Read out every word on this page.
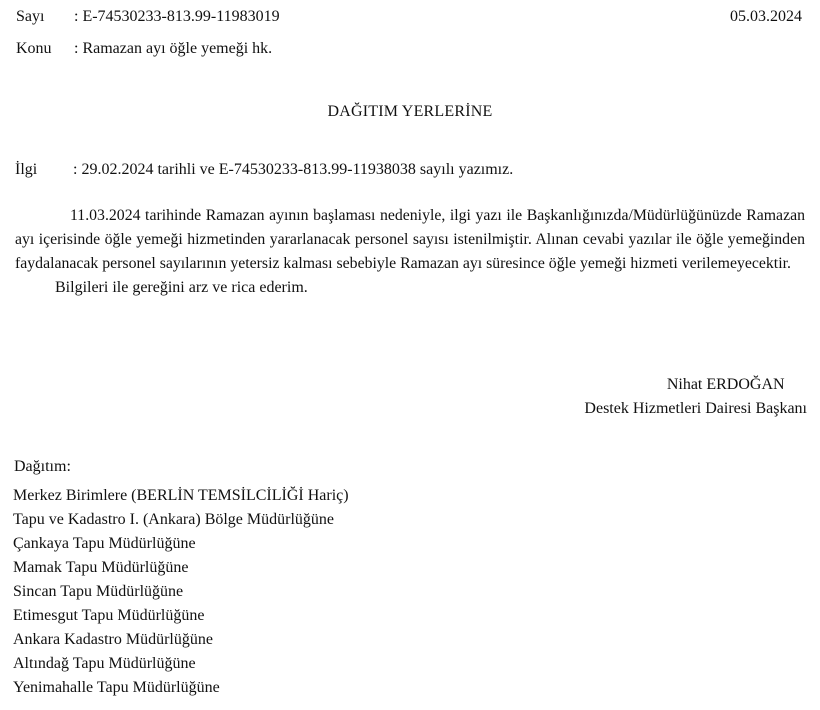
Sayı : E-74530233-813.99-11983019	05.03.2024
Konu : Ramazan ayı öğle yemeği hk.
DAĞITIM YERLERİNE
İlgi : 29.02.2024 tarihli ve E-74530233-813.99-11938038 sayılı yazımız.

11.03.2024 tarihinde Ramazan ayının başlaması nedeniyle, ilgi yazı ile Başkanlığınızda/Müdürlüğünüzde Ramazan ayı içerisinde öğle yemeği hizmetinden yararlanacak personel sayısı istenilmiştir. Alınan cevabi yazılar ile öğle yemeğinden faydalanacak personel sayılarının yetersiz kalması sebebiyle Ramazan ayı süresince öğle yemeği hizmeti verilemeyecektir.

Bilgileri ile gereğini arz ve rica ederim.

Nihat ERDOĞAN
Destek Hizmetleri Dairesi Başkanı
Dağıtım:
Merkez Birimlere (BERLİN TEMSİLCİLİĞİ Hariç)
Tapu ve Kadastro I. (Ankara) Bölge Müdürlüğüne
Çankaya Tapu Müdürlüğüne
Mamak Tapu Müdürlüğüne
Sincan Tapu Müdürlüğüne
Etimesgut Tapu Müdürlüğüne
Ankara Kadastro Müdürlüğüne
Altındağ Tapu Müdürlüğüne
Yenimahalle Tapu Müdürlüğüne
